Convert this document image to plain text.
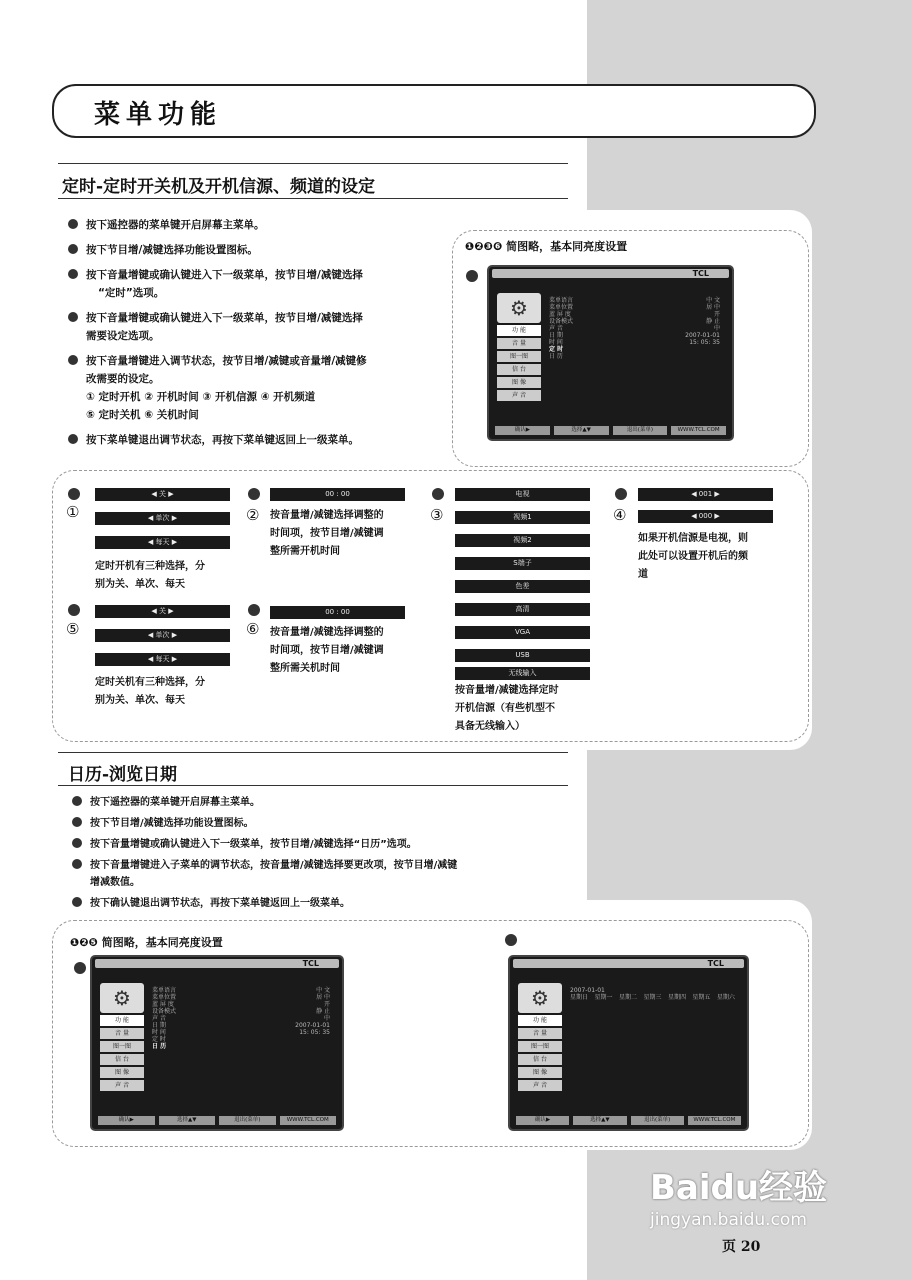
菜单功能
定时-定时开关机及开机信源、频道的设定
按下遥控器的菜单键开启屏幕主菜单。
按下节目增/减键选择功能设置图标。
按下音量增键或确认键进入下一级菜单，按节目增/减键选择
“定时”选项。
按下音量增键或确认键进入下一级菜单，按节目增/减键选择
需要设定选项。
按下音量增键进入调节状态，按节目增/减键或音量增/减键修
改需要的设定。
① 定时开机 ② 开机时间 ③ 开机信源 ④ 开机频道
⑤ 定时关机 ⑥ 关机时间
按下菜单键退出调节状态，再按下菜单键返回上一级菜单。
❶❷❸❻ 简图略，基本同亮度设置
TCL
⚙
功 能
音 量
图一图
信 台
图 像
声 音
菜单语言	中 文
菜单位置	居 中
蓝 屏 度	开
设备模式	静 止
声 音	中
日 期	2007-01-01
时 间	15: 05: 35
定 时
日 历
确认▶	选择▲▼	退出(菜单)	WWW.TCL.COM
①
◀ 关 ▶
◀ 单次 ▶
◀ 每天 ▶
定时开机有三种选择，分
别为关、单次、每天
②
00 : 00
按音量增/减键选择调整的
时间项，按节目增/减键调
整所需开机时间
③
电视
视频1
视频2
S端子
色差
高清
VGA
USB
无线输入
按音量增/减键选择定时
开机信源（有些机型不
具备无线输入）
④
◀ 001 ▶
◀ 000 ▶
如果开机信源是电视，则
此处可以设置开机后的频
道
⑤
◀ 关 ▶
◀ 单次 ▶
◀ 每天 ▶
定时关机有三种选择，分
别为关、单次、每天
⑥
00 : 00
按音量增/减键选择调整的
时间项，按节目增/减键调
整所需关机时间
日历-浏览日期
按下遥控器的菜单键开启屏幕主菜单。
按下节目增/减键选择功能设置图标。
按下音量增键或确认键进入下一级菜单，按节目增/减键选择“日历”选项。
按下音量增键进入子菜单的调节状态，按音量增/减键选择要更改项，按节目增/减键
增减数值。
按下确认键退出调节状态，再按下菜单键返回上一级菜单。
❶❷❺ 简图略，基本同亮度设置
TCL
⚙
功 能
音 量
图一图
信 台
图 像
声 音
菜单语言	中 文
菜单位置	居 中
蓝 屏 度	开
设备模式	静 止
声 音	中
日 期	2007-01-01
时 间	15: 05: 35
定 时
日 历
确认▶	选择▲▼	退出(菜单)	WWW.TCL.COM
TCL
⚙
功 能
音 量
图一图
信 台
图 像
声 音
2007-01-01
星期日 星期一 星期二 星期三 星期四 星期五 星期六
确认▶	选择▲▼	退出(菜单)	WWW.TCL.COM
Baidu经验
jingyan.baidu.com
页 20
